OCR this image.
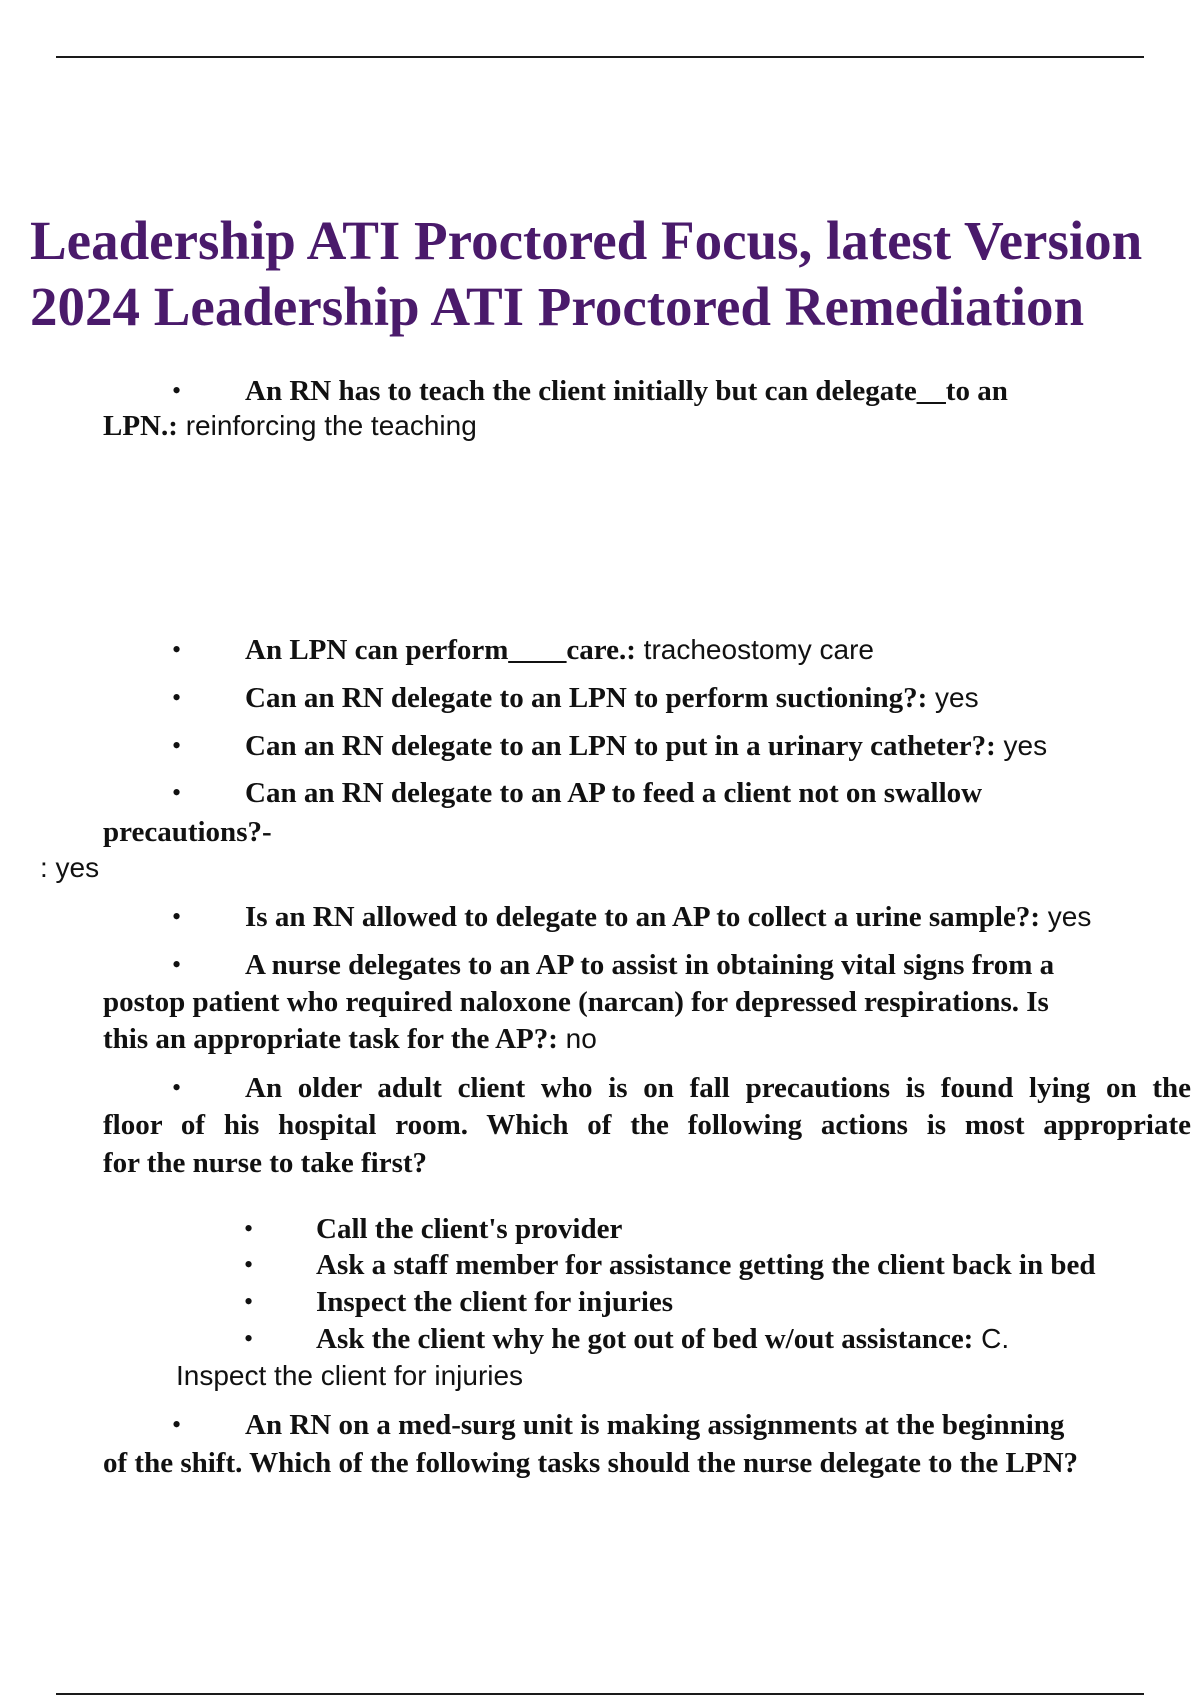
Leadership ATI Proctored Focus, latest Version
2024 Leadership ATI Proctored Remediation
• An RN has to teach the client initially but can delegate__to an
LPN.: reinforcing the teaching
• An LPN can perform____care.: tracheostomy care
• Can an RN delegate to an LPN to perform suctioning?: yes
• Can an RN delegate to an LPN to put in a urinary catheter?: yes
• Can an RN delegate to an AP to feed a client not on swallow
precautions?-
: yes
• Is an RN allowed to delegate to an AP to collect a urine sample?: yes
• A nurse delegates to an AP to assist in obtaining vital signs from a
postop patient who required naloxone (narcan) for depressed respirations. Is
this an appropriate task for the AP?: no
• An older adult client who is on fall precautions is found lying on the
floor of his hospital room. Which of the following actions is most appropriate
for the nurse to take first?
• Call the client's provider
• Ask a staff member for assistance getting the client back in bed
• Inspect the client for injuries
• Ask the client why he got out of bed w/out assistance: C.
Inspect the client for injuries
• An RN on a med-surg unit is making assignments at the beginning
of the shift. Which of the following tasks should the nurse delegate to the LPN?
